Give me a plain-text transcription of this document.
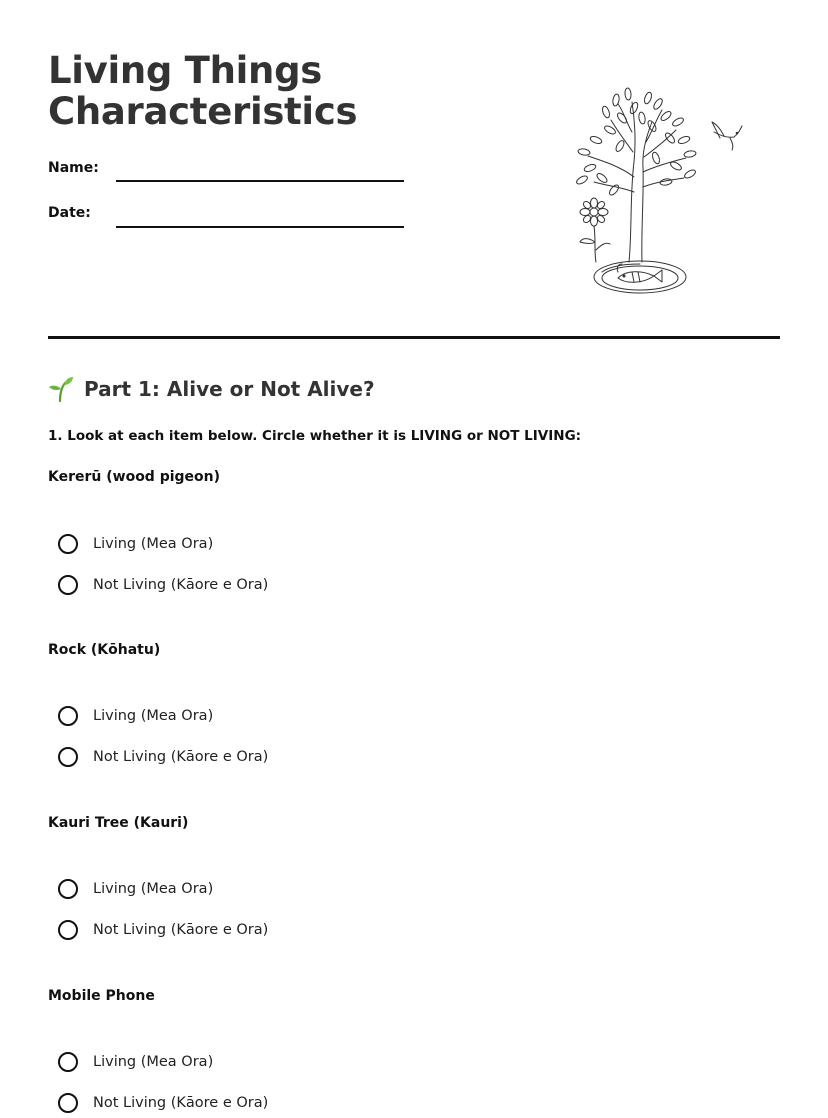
Living Things
Characteristics
Name:
Date:
Part 1: Alive or Not Alive?
1. Look at each item below. Circle whether it is LIVING or NOT LIVING:
Kererū (wood pigeon)
Living (Mea Ora)
Not Living (Kāore e Ora)
Rock (Kōhatu)
Living (Mea Ora)
Not Living (Kāore e Ora)
Kauri Tree (Kauri)
Living (Mea Ora)
Not Living (Kāore e Ora)
Mobile Phone
Living (Mea Ora)
Not Living (Kāore e Ora)
